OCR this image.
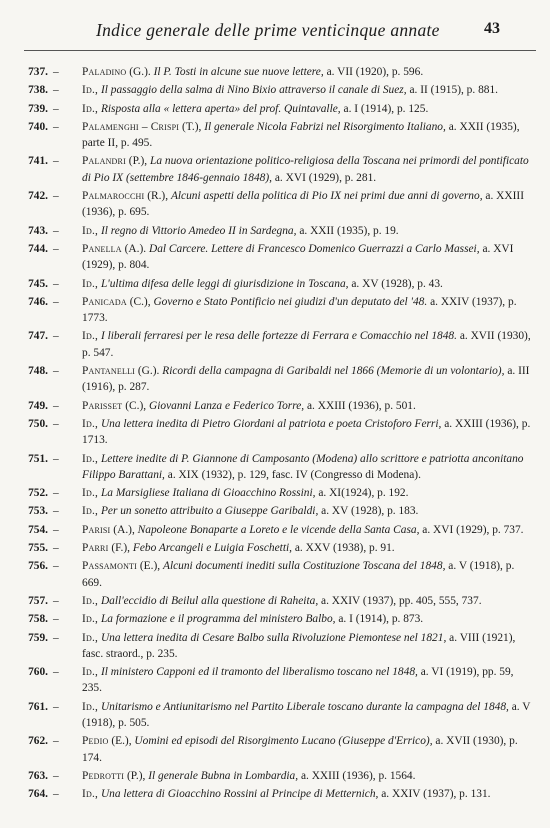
Indice generale delle prime venticinque annate	43
737. – Paladino (G.). Il P. Tosti in alcune sue nuove lettere, a. VII (1920), p. 596.
738. – Id., Il passaggio della salma di Nino Bixio attraverso il canale di Suez, a. II (1915), p. 881.
739. – Id., Risposta alla « lettera aperta» del prof. Quintavalle, a. I (1914), p. 125.
740. – Palamenghi – Crispi (T.), Il generale Nicola Fabrizi nel Risorgimento Italiano, a. XXII (1935), parte II, p. 495.
741. – Palandri (P.), La nuova orientazione politico-religiosa della Toscana nei primordi del pontificato di Pio IX (settembre 1846-gennaio 1848), a. XVI (1929), p. 281.
742. – Palmarocchi (R.), Alcuni aspetti della politica di Pio IX nei primi due anni di governo, a. XXIII (1936), p. 695.
743. – Id., Il regno di Vittorio Amedeo II in Sardegna, a. XXII (1935), p. 19.
744. – Panella (A.). Dal Carcere. Lettere di Francesco Domenico Guerrazzi a Carlo Massei, a. XVI (1929), p. 804.
745. – Id., L'ultima difesa delle leggi di giurisdizione in Toscana, a. XV (1928), p. 43.
746. – Panicada (C.), Governo e Stato Pontificio nei giudizi d'un deputato del '48. a. XXIV (1937), p. 1773.
747. – Id., I liberali ferraresi per le resa delle fortezze di Ferrara e Comacchio nel 1848. a. XVII (1930), p. 547.
748. – Pantanelli (G.). Ricordi della campagna di Garibaldi nel 1866 (Memorie di un volontario), a. III (1916), p. 287.
749. – Parisset (C.), Giovanni Lanza e Federico Torre, a. XXIII (1936), p. 501.
750. – Id., Una lettera inedita di Pietro Giordani al patriota e poeta Cristoforo Ferri, a. XXIII (1936), p. 1713.
751. – Id., Lettere inedite di P. Giannone di Camposanto (Modena) allo scrittore e patriotta anconitano Filippo Barattani, a. XIX (1932), p. 129, fasc. IV (Congresso di Modena).
752. – Id., La Marsigliese Italiana di Gioacchino Rossini, a. XI(1924), p. 192.
753. – Id., Per un sonetto attribuito a Giuseppe Garibaldi, a. XV (1928), p. 183.
754. – Parisi (A.), Napoleone Bonaparte a Loreto e le vicende della Santa Casa, a. XVI (1929), p. 737.
755. – Parri (F.), Febo Arcangeli e Luigia Foschetti, a. XXV (1938), p. 91.
756. – Passamonti (E.), Alcuni documenti inediti sulla Costituzione Toscana del 1848, a. V (1918), p. 669.
757. – Id., Dall'eccidio di Beilul alla questione di Raheita, a. XXIV (1937), pp. 405, 555, 737.
758. – Id., La formazione e il programma del ministero Balbo, a. I (1914), p. 873.
759. – Id., Una lettera inedita di Cesare Balbo sulla Rivoluzione Piemontese nel 1821, a. VIII (1921), fasc. straord., p. 235.
760. – Id., Il ministero Capponi ed il tramonto del liberalismo toscano nel 1848, a. VI (1919), pp. 59, 235.
761. – Id., Unitarismo e Antiunitarismo nel Partito Liberale toscano durante la campagna del 1848, a. V (1918), p. 505.
762. – Pedio (E.), Uomini ed episodi del Risorgimento Lucano (Giuseppe d'Errico), a. XVII (1930), p. 174.
763. – Pedrotti (P.), Il generale Bubna in Lombardia, a. XXIII (1936), p. 1564.
764. – Id., Una lettera di Gioacchino Rossini al Principe di Metternich, a. XXIV (1937), p. 131.
